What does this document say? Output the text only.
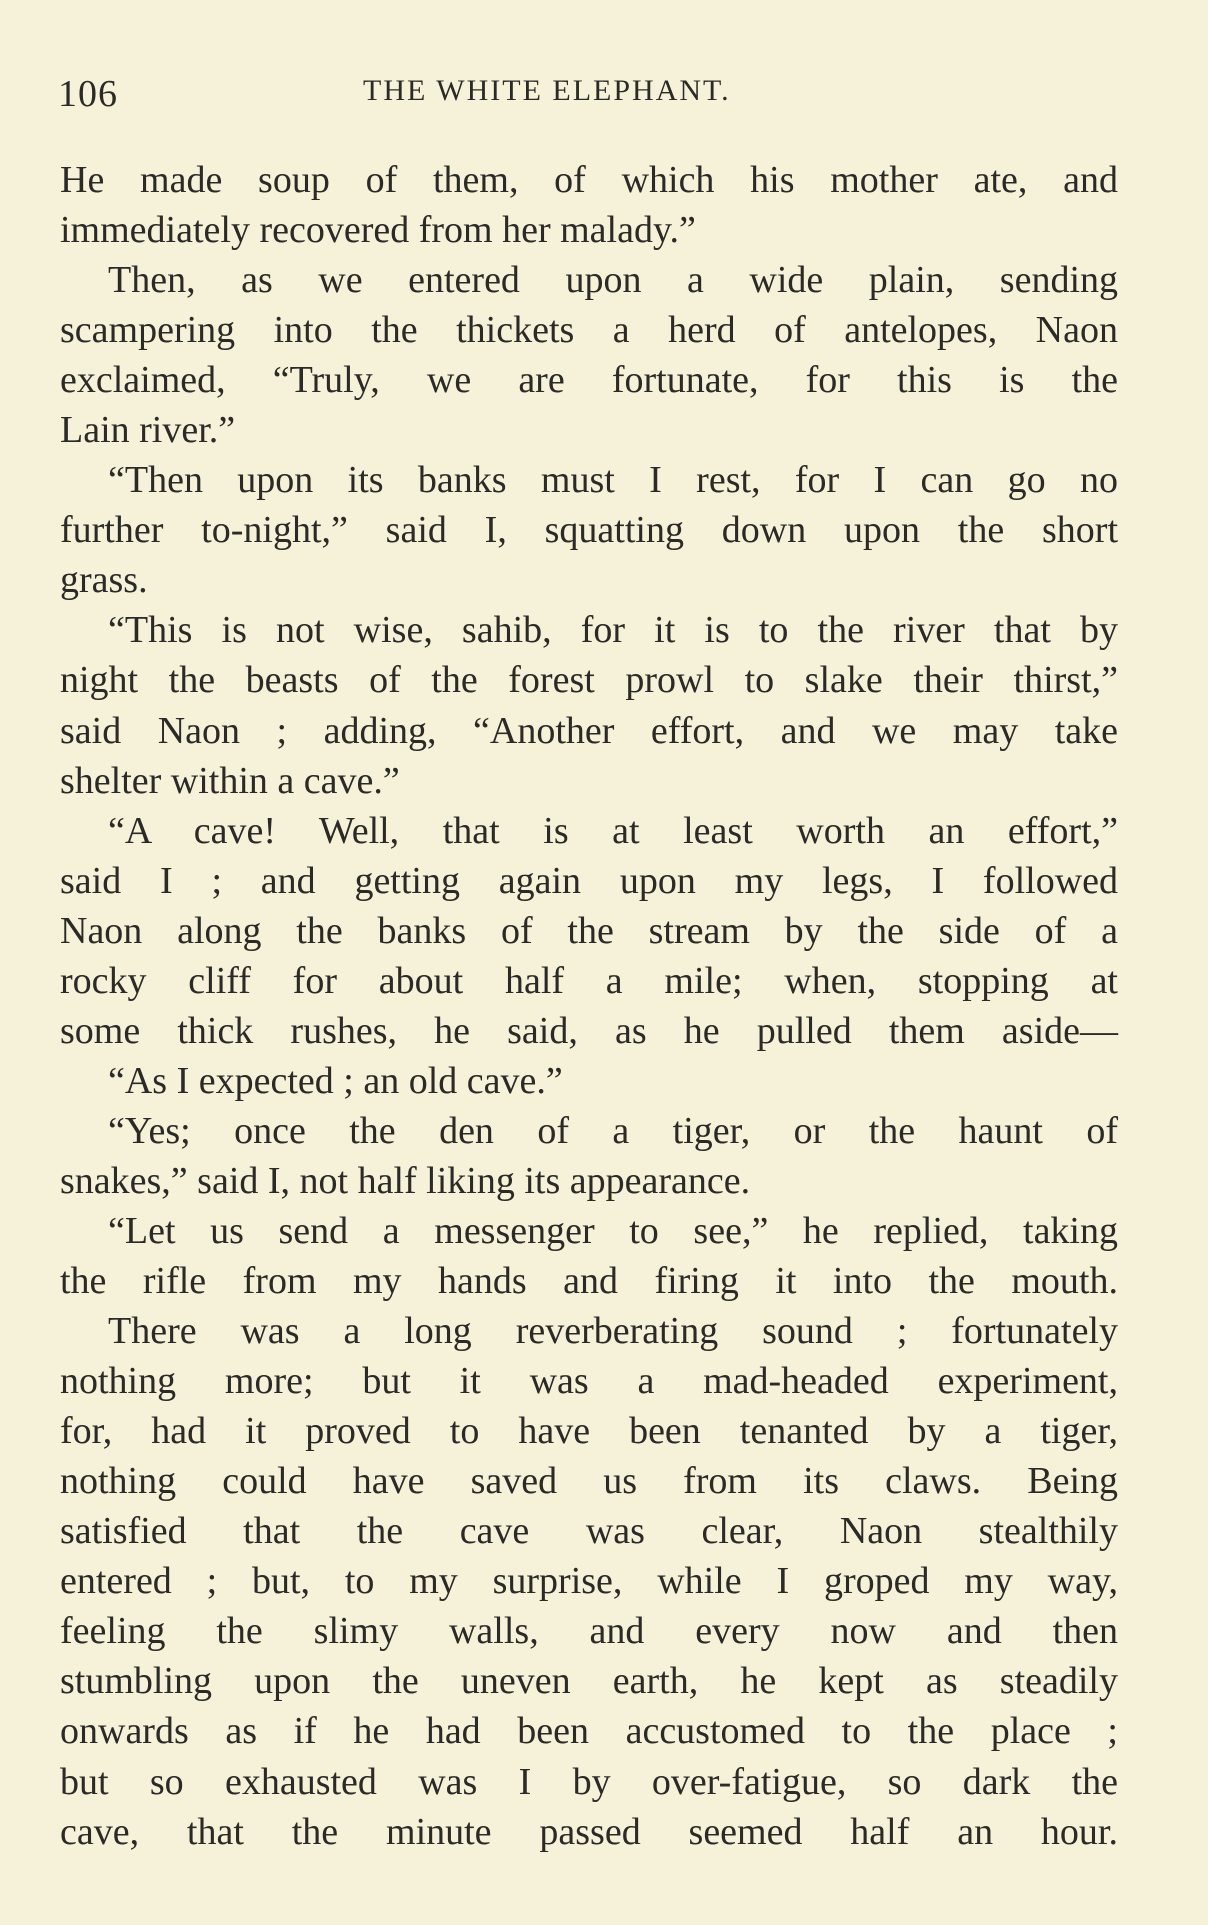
106	THE WHITE ELEPHANT.
He made soup of them, of which his mother ate, and
immediately recovered from her malady.”
Then, as we entered upon a wide plain, sending
scampering into the thickets a herd of antelopes, Naon
exclaimed, “Truly, we are fortunate, for this is the
Lain river.”
“Then upon its banks must I rest, for I can go no
further to-night,” said I, squatting down upon the short
grass.
“This is not wise, sahib, for it is to the river that by
night the beasts of the forest prowl to slake their thirst,”
said Naon ; adding, “Another effort, and we may take
shelter within a cave.”
“A cave! Well, that is at least worth an effort,”
said I ; and getting again upon my legs, I followed
Naon along the banks of the stream by the side of a
rocky cliff for about half a mile; when, stopping at
some thick rushes, he said, as he pulled them aside—
“As I expected ; an old cave.”
“Yes; once the den of a tiger, or the haunt of
snakes,” said I, not half liking its appearance.
“Let us send a messenger to see,” he replied, taking
the rifle from my hands and firing it into the mouth.
There was a long reverberating sound ; fortunately
nothing more; but it was a mad-headed experiment,
for, had it proved to have been tenanted by a tiger,
nothing could have saved us from its claws. Being
satisfied that the cave was clear, Naon stealthily
entered ; but, to my surprise, while I groped my way,
feeling the slimy walls, and every now and then
stumbling upon the uneven earth, he kept as steadily
onwards as if he had been accustomed to the place ;
but so exhausted was I by over-fatigue, so dark the
cave, that the minute passed seemed half an hour.
